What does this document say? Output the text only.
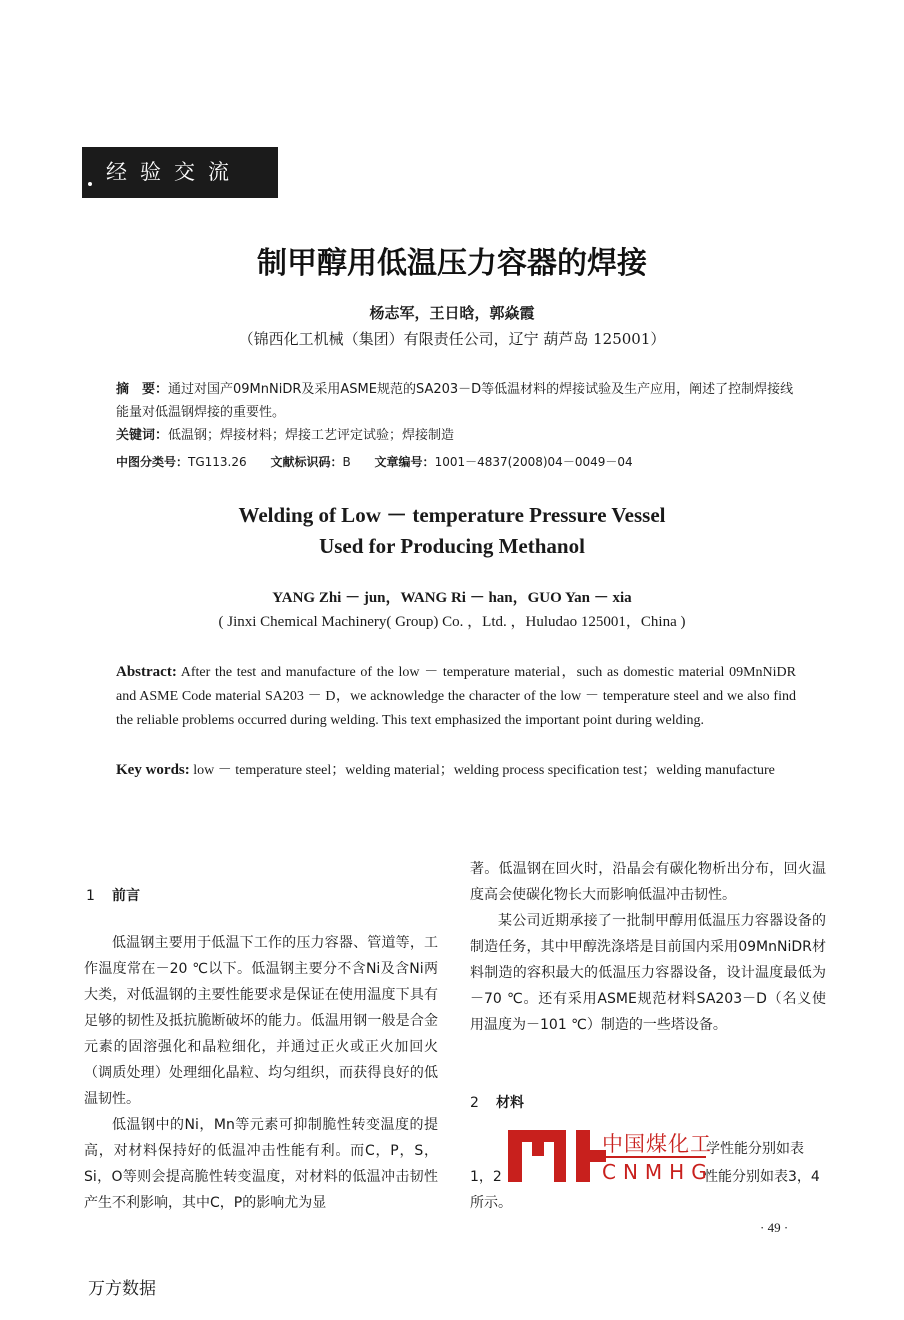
经验交流
制甲醇用低温压力容器的焊接
杨志军，王日晗，郭焱霞
（锦西化工机械（集团）有限责任公司，辽宁 葫芦岛 125001）
摘　要：通过对国产09MnNiDR及采用ASME规范的SA203－D等低温材料的焊接试验及生产应用，阐述了控制焊接线能量对低温钢焊接的重要性。
关键词：低温钢；焊接材料；焊接工艺评定试验；焊接制造
中图分类号：TG113.26 文献标识码：B 文章编号：1001－4837(2008)04－0049－04
Welding of Low － temperature Pressure Vessel
Used for Producing Methanol
YANG Zhi － jun，WANG Ri － han，GUO Yan － xia
( Jinxi Chemical Machinery( Group) Co. ，Ltd. ，Huludao 125001，China )
Abstract: After the test and manufacture of the low － temperature material，such as domestic material 09MnNiDR and ASME Code material SA203 － D，we acknowledge the character of the low － temperature steel and we also find the reliable problems occurred during welding. This text emphasized the important point during welding.
Key words: low － temperature steel；welding material；welding process specification test；welding manufacture
1 前言

低温钢主要用于低温下工作的压力容器、管道等，工作温度常在－20 ℃以下。低温钢主要分不含Ni及含Ni两大类，对低温钢的主要性能要求是保证在使用温度下具有足够的韧性及抵抗脆断破坏的能力。低温用钢一般是合金元素的固溶强化和晶粒细化，并通过正火或正火加回火（调质处理）处理细化晶粒、均匀组织，而获得良好的低温韧性。

低温钢中的Ni，Mn等元素可抑制脆性转变温度的提高，对材料保持好的低温冲击性能有利。而C，P，S，Si，O等则会提高脆性转变温度，对材料的低温冲击韧性产生不利影响，其中C，P的影响尤为显

著。低温钢在回火时，沿晶会有碳化物析出分布，回火温度高会使碳化物长大而影响低温冲击韧性。

某公司近期承接了一批制甲醇用低温压力容器设备的制造任务，其中甲醇洗涤塔是目前国内采用09MnNiDR材料制造的容积最大的低温压力容器设备，设计温度最低为－70 ℃。还有采用ASME规范材料SA203－D（名义使用温度为－101 ℃）制造的一些塔设备。

2 材料
学性能分别如表
1，2	性能分别如表3，4
所示。
中国煤化工
CNMHG
· 49 ·
万方数据
